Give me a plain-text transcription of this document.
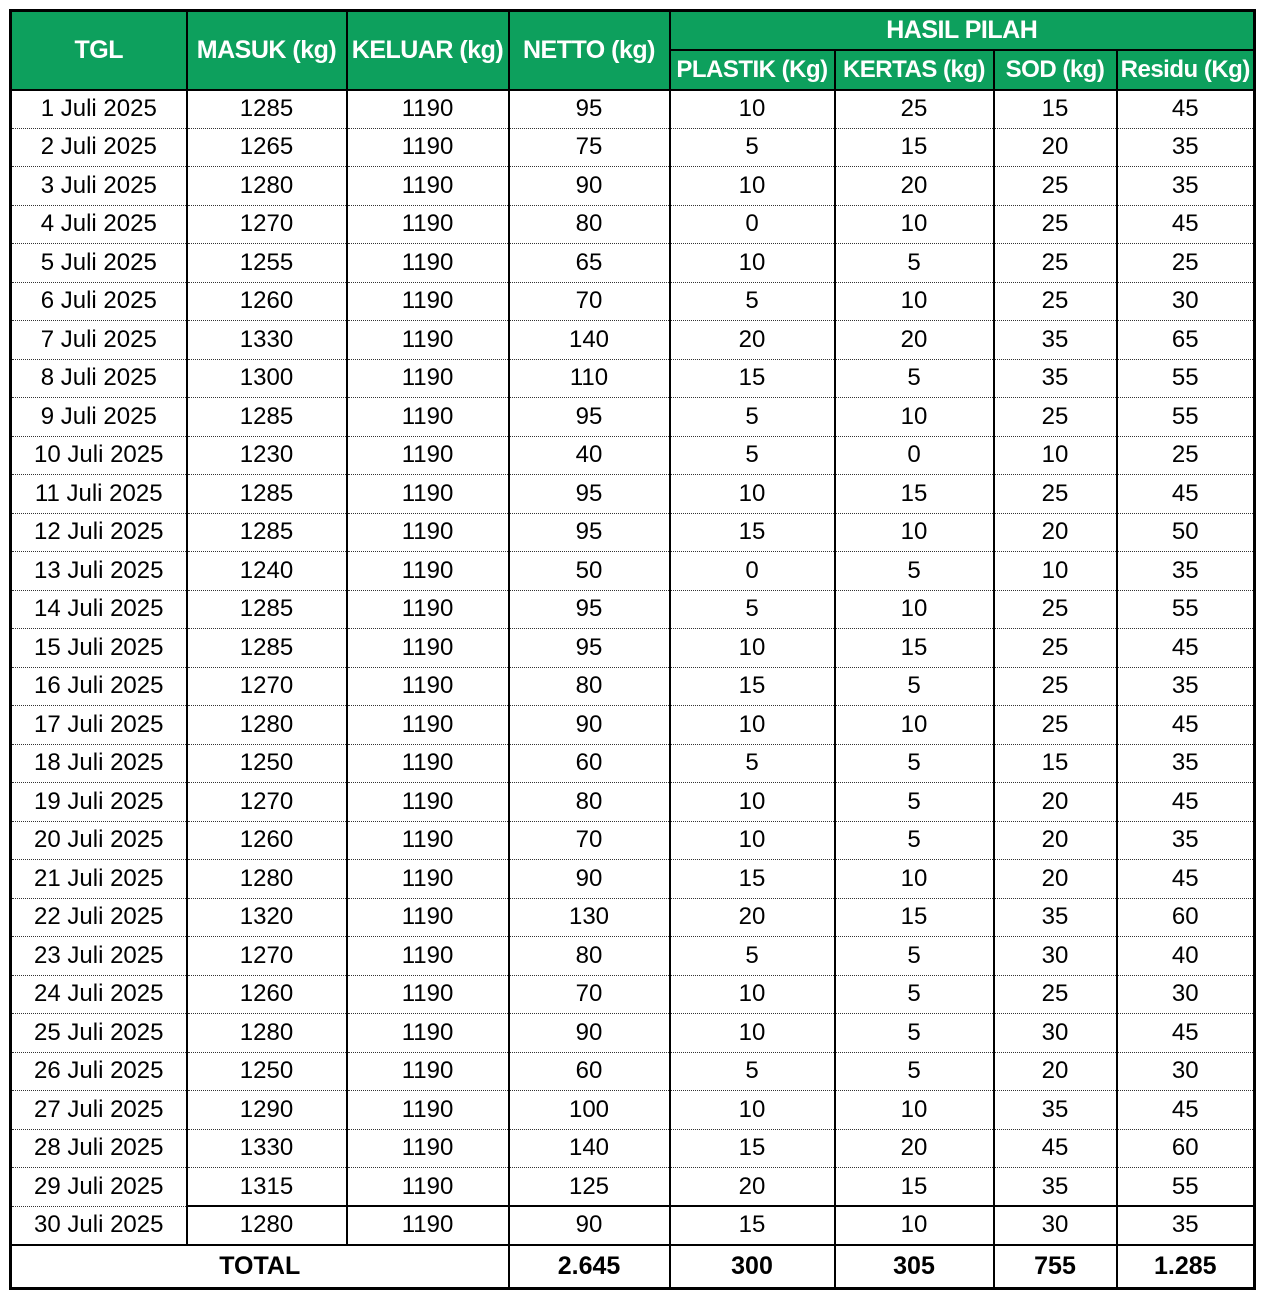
TGL	MASUK (kg)	KELUAR (kg)	NETTO (kg)	HASIL PILAH			
				PLASTIK (Kg)	KERTAS (kg)	SOD (kg)	Residu (Kg)
1 Juli 2025	1285	1190	95	10	25	15	45
2 Juli 2025	1265	1190	75	5	15	20	35
3 Juli 2025	1280	1190	90	10	20	25	35
4 Juli 2025	1270	1190	80	0	10	25	45
5 Juli 2025	1255	1190	65	10	5	25	25
6 Juli 2025	1260	1190	70	5	10	25	30
7 Juli 2025	1330	1190	140	20	20	35	65
8 Juli 2025	1300	1190	110	15	5	35	55
9 Juli 2025	1285	1190	95	5	10	25	55
10 Juli 2025	1230	1190	40	5	0	10	25
11 Juli 2025	1285	1190	95	10	15	25	45
12 Juli 2025	1285	1190	95	15	10	20	50
13 Juli 2025	1240	1190	50	0	5	10	35
14 Juli 2025	1285	1190	95	5	10	25	55
15 Juli 2025	1285	1190	95	10	15	25	45
16 Juli 2025	1270	1190	80	15	5	25	35
17 Juli 2025	1280	1190	90	10	10	25	45
18 Juli 2025	1250	1190	60	5	5	15	35
19 Juli 2025	1270	1190	80	10	5	20	45
20 Juli 2025	1260	1190	70	10	5	20	35
21 Juli 2025	1280	1190	90	15	10	20	45
22 Juli 2025	1320	1190	130	20	15	35	60
23 Juli 2025	1270	1190	80	5	5	30	40
24 Juli 2025	1260	1190	70	10	5	25	30
25 Juli 2025	1280	1190	90	10	5	30	45
26 Juli 2025	1250	1190	60	5	5	20	30
27 Juli 2025	1290	1190	100	10	10	35	45
28 Juli 2025	1330	1190	140	15	20	45	60
29 Juli 2025	1315	1190	125	20	15	35	55
30 Juli 2025	1280	1190	90	15	10	30	35
TOTAL			2.645	300	305	755	1.285
